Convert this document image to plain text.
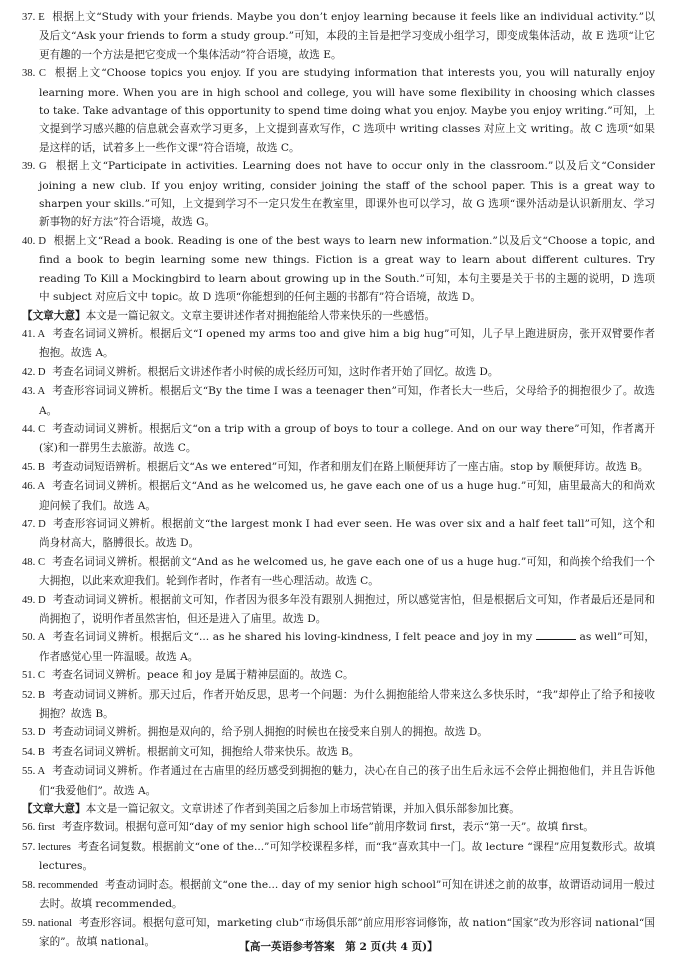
37. E 根据上文“Study with your friends. Maybe you don’t enjoy learning because it feels like an individual activity.”以及后文“Ask your friends to form a study group.”可知，本段的主旨是把学习变成小组学习，即变成集体活动，故 E 选项“让它更有趣的一个方法是把它变成一个集体活动”符合语境，故选 E。

38. C 根据上文“Choose topics you enjoy. If you are studying information that interests you, you will naturally enjoy learning more. When you are in high school and college, you will have some flexibility in choosing which classes to take. Take advantage of this opportunity to spend time doing what you enjoy. Maybe you enjoy writing.”可知，上文提到学习感兴趣的信息就会喜欢学习更多，上文提到喜欢写作，C 选项中 writing classes 对应上文 writing。故 C 选项“如果是这样的话，试着多上一些作文课”符合语境，故选 C。

39. G 根据上文“Participate in activities. Learning does not have to occur only in the classroom.”以及后文“Consider joining a new club. If you enjoy writing, consider joining the staff of the school paper. This is a great way to sharpen your skills.”可知，上文提到学习不一定只发生在教室里，即课外也可以学习，故 G 选项“课外活动是认识新朋友、学习新事物的好方法”符合语境，故选 G。

40. D 根据上文“Read a book. Reading is one of the best ways to learn new information.”以及后文“Choose a topic, and find a book to begin learning some new things. Fiction is a great way to learn about different cultures. Try reading To Kill a Mockingbird to learn about growing up in the South.”可知，本句主要是关于书的主题的说明，D 选项中 subject 对应后文中 topic。故 D 选项“你能想到的任何主题的书都有”符合语境，故选 D。

【文章大意】本文是一篇记叙文。文章主要讲述作者对拥抱能给人带来快乐的一些感悟。

41. A 考查名词词义辨析。根据后文“I opened my arms too and give him a big hug”可知，儿子早上跑进厨房，张开双臂要作者抱抱。故选 A。

42. D 考查名词词义辨析。根据后文讲述作者小时候的成长经历可知，这时作者开始了回忆。故选 D。

43. A 考查形容词词义辨析。根据后文“By the time I was a teenager then”可知，作者长大一些后，父母给予的拥抱很少了。故选 A。

44. C 考查动词词义辨析。根据后文“on a trip with a group of boys to tour a college. And on our way there”可知，作者离开(家)和一群男生去旅游。故选 C。

45. B 考查动词短语辨析。根据后文“As we entered”可知，作者和朋友们在路上顺便拜访了一座古庙。stop by 顺便拜访。故选 B。

46. A 考查名词词义辨析。根据后文“And as he welcomed us, he gave each one of us a huge hug.”可知，庙里最高大的和尚欢迎问候了我们。故选 A。

47. D 考查形容词词义辨析。根据前文“the largest monk I had ever seen. He was over six and a half feet tall”可知，这个和尚身材高大，胳膊很长。故选 D。

48. C 考查名词词义辨析。根据前文“And as he welcomed us, he gave each one of us a huge hug.”可知，和尚挨个给我们一个大拥抱，以此来欢迎我们。轮到作者时，作者有一些心理活动。故选 C。

49. D 考查动词词义辨析。根据前文可知，作者因为很多年没有跟别人拥抱过，所以感觉害怕，但是根据后文可知，作者最后还是同和尚拥抱了，说明作者虽然害怕，但还是进入了庙里。故选 D。

50. A 考查名词词义辨析。根据后文“... as he shared his loving-kindness, I felt peace and joy in my	as well”可知，作者感觉心里一阵温暖。故选 A。

51. C 考查名词词义辨析。peace 和 joy 是属于精神层面的。故选 C。

52. B 考查动词词义辨析。那天过后，作者开始反思，思考一个问题：为什么拥抱能给人带来这么多快乐时，“我”却停止了给予和接收拥抱？故选 B。

53. D 考查动词词义辨析。拥抱是双向的，给予别人拥抱的时候也在接受来自别人的拥抱。故选 D。

54. B 考查名词词义辨析。根据前文可知，拥抱给人带来快乐。故选 B。

55. A 考查动词词义辨析。作者通过在古庙里的经历感受到拥抱的魅力，决心在自己的孩子出生后永远不会停止拥抱他们，并且告诉他们“我爱他们”。故选 A。

【文章大意】本文是一篇记叙文。文章讲述了作者到美国之后参加上市场营销课，并加入俱乐部参加比赛。

56. first 考查序数词。根据句意可知“day of my senior high school life”前用序数词 first，表示“第一天”。故填 first。

57. lectures 考查名词复数。根据前文“one of the...”可知学校课程多样，而“我”喜欢其中一门。故 lecture “课程”应用复数形式。故填 lectures。

58. recommended 考查动词时态。根据前文“one the... day of my senior high school”可知在讲述之前的故事，故谓语动词用一般过去时。故填 recommended。

59. national 考查形容词。根据句意可知，marketing club“市场俱乐部”前应用形容词修饰，故 nation“国家”改为形容词 national“国家的”。故填 national。	【高一英语参考答案　第 2 页(共 4 页)】
